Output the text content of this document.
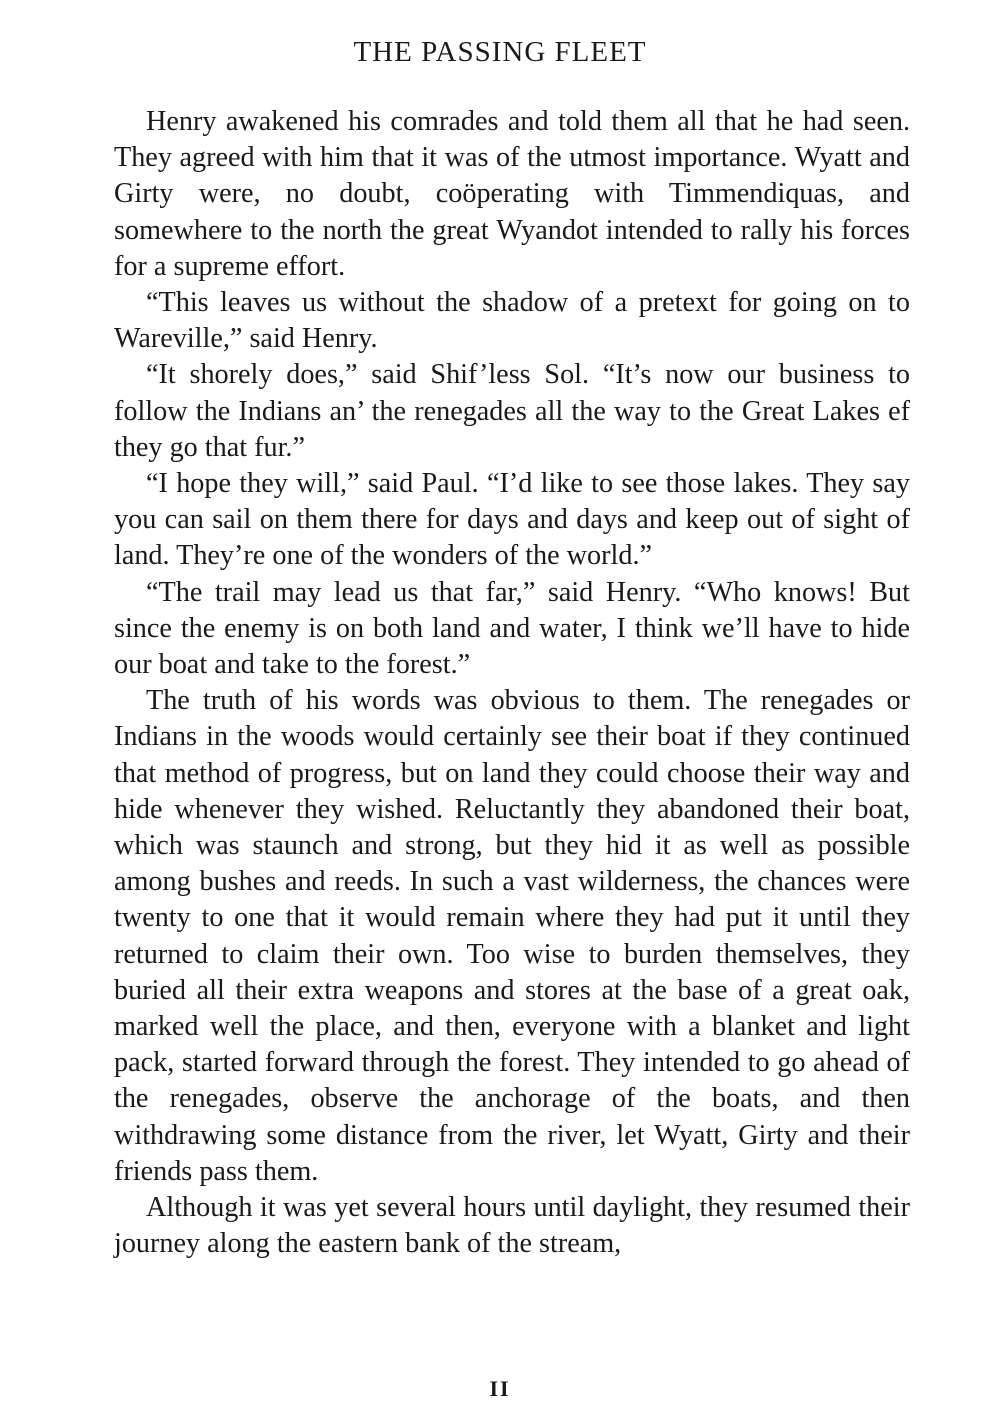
THE PASSING FLEET

Henry awakened his comrades and told them all that he had seen. They agreed with him that it was of the utmost importance. Wyatt and Girty were, no doubt, coöperating with Timmendiquas, and somewhere to the north the great Wyandot intended to rally his forces for a supreme effort.

“This leaves us without the shadow of a pretext for going on to Wareville,” said Henry.

“It shorely does,” said Shif’less Sol. “It’s now our business to follow the Indians an’ the renegades all the way to the Great Lakes ef they go that fur.”

“I hope they will,” said Paul. “I’d like to see those lakes. They say you can sail on them there for days and days and keep out of sight of land. They’re one of the wonders of the world.”

“The trail may lead us that far,” said Henry. “Who knows! But since the enemy is on both land and water, I think we’ll have to hide our boat and take to the forest.”

The truth of his words was obvious to them. The renegades or Indians in the woods would certainly see their boat if they continued that method of progress, but on land they could choose their way and hide whenever they wished. Reluctantly they abandoned their boat, which was staunch and strong, but they hid it as well as possible among bushes and reeds. In such a vast wilderness, the chances were twenty to one that it would remain where they had put it until they returned to claim their own. Too wise to burden themselves, they buried all their extra weapons and stores at the base of a great oak, marked well the place, and then, everyone with a blanket and light pack, started forward through the forest. They intended to go ahead of the renegades, observe the anchorage of the boats, and then withdrawing some distance from the river, let Wyatt, Girty and their friends pass them.

Although it was yet several hours until daylight, they resumed their journey along the eastern bank of the stream,

II
